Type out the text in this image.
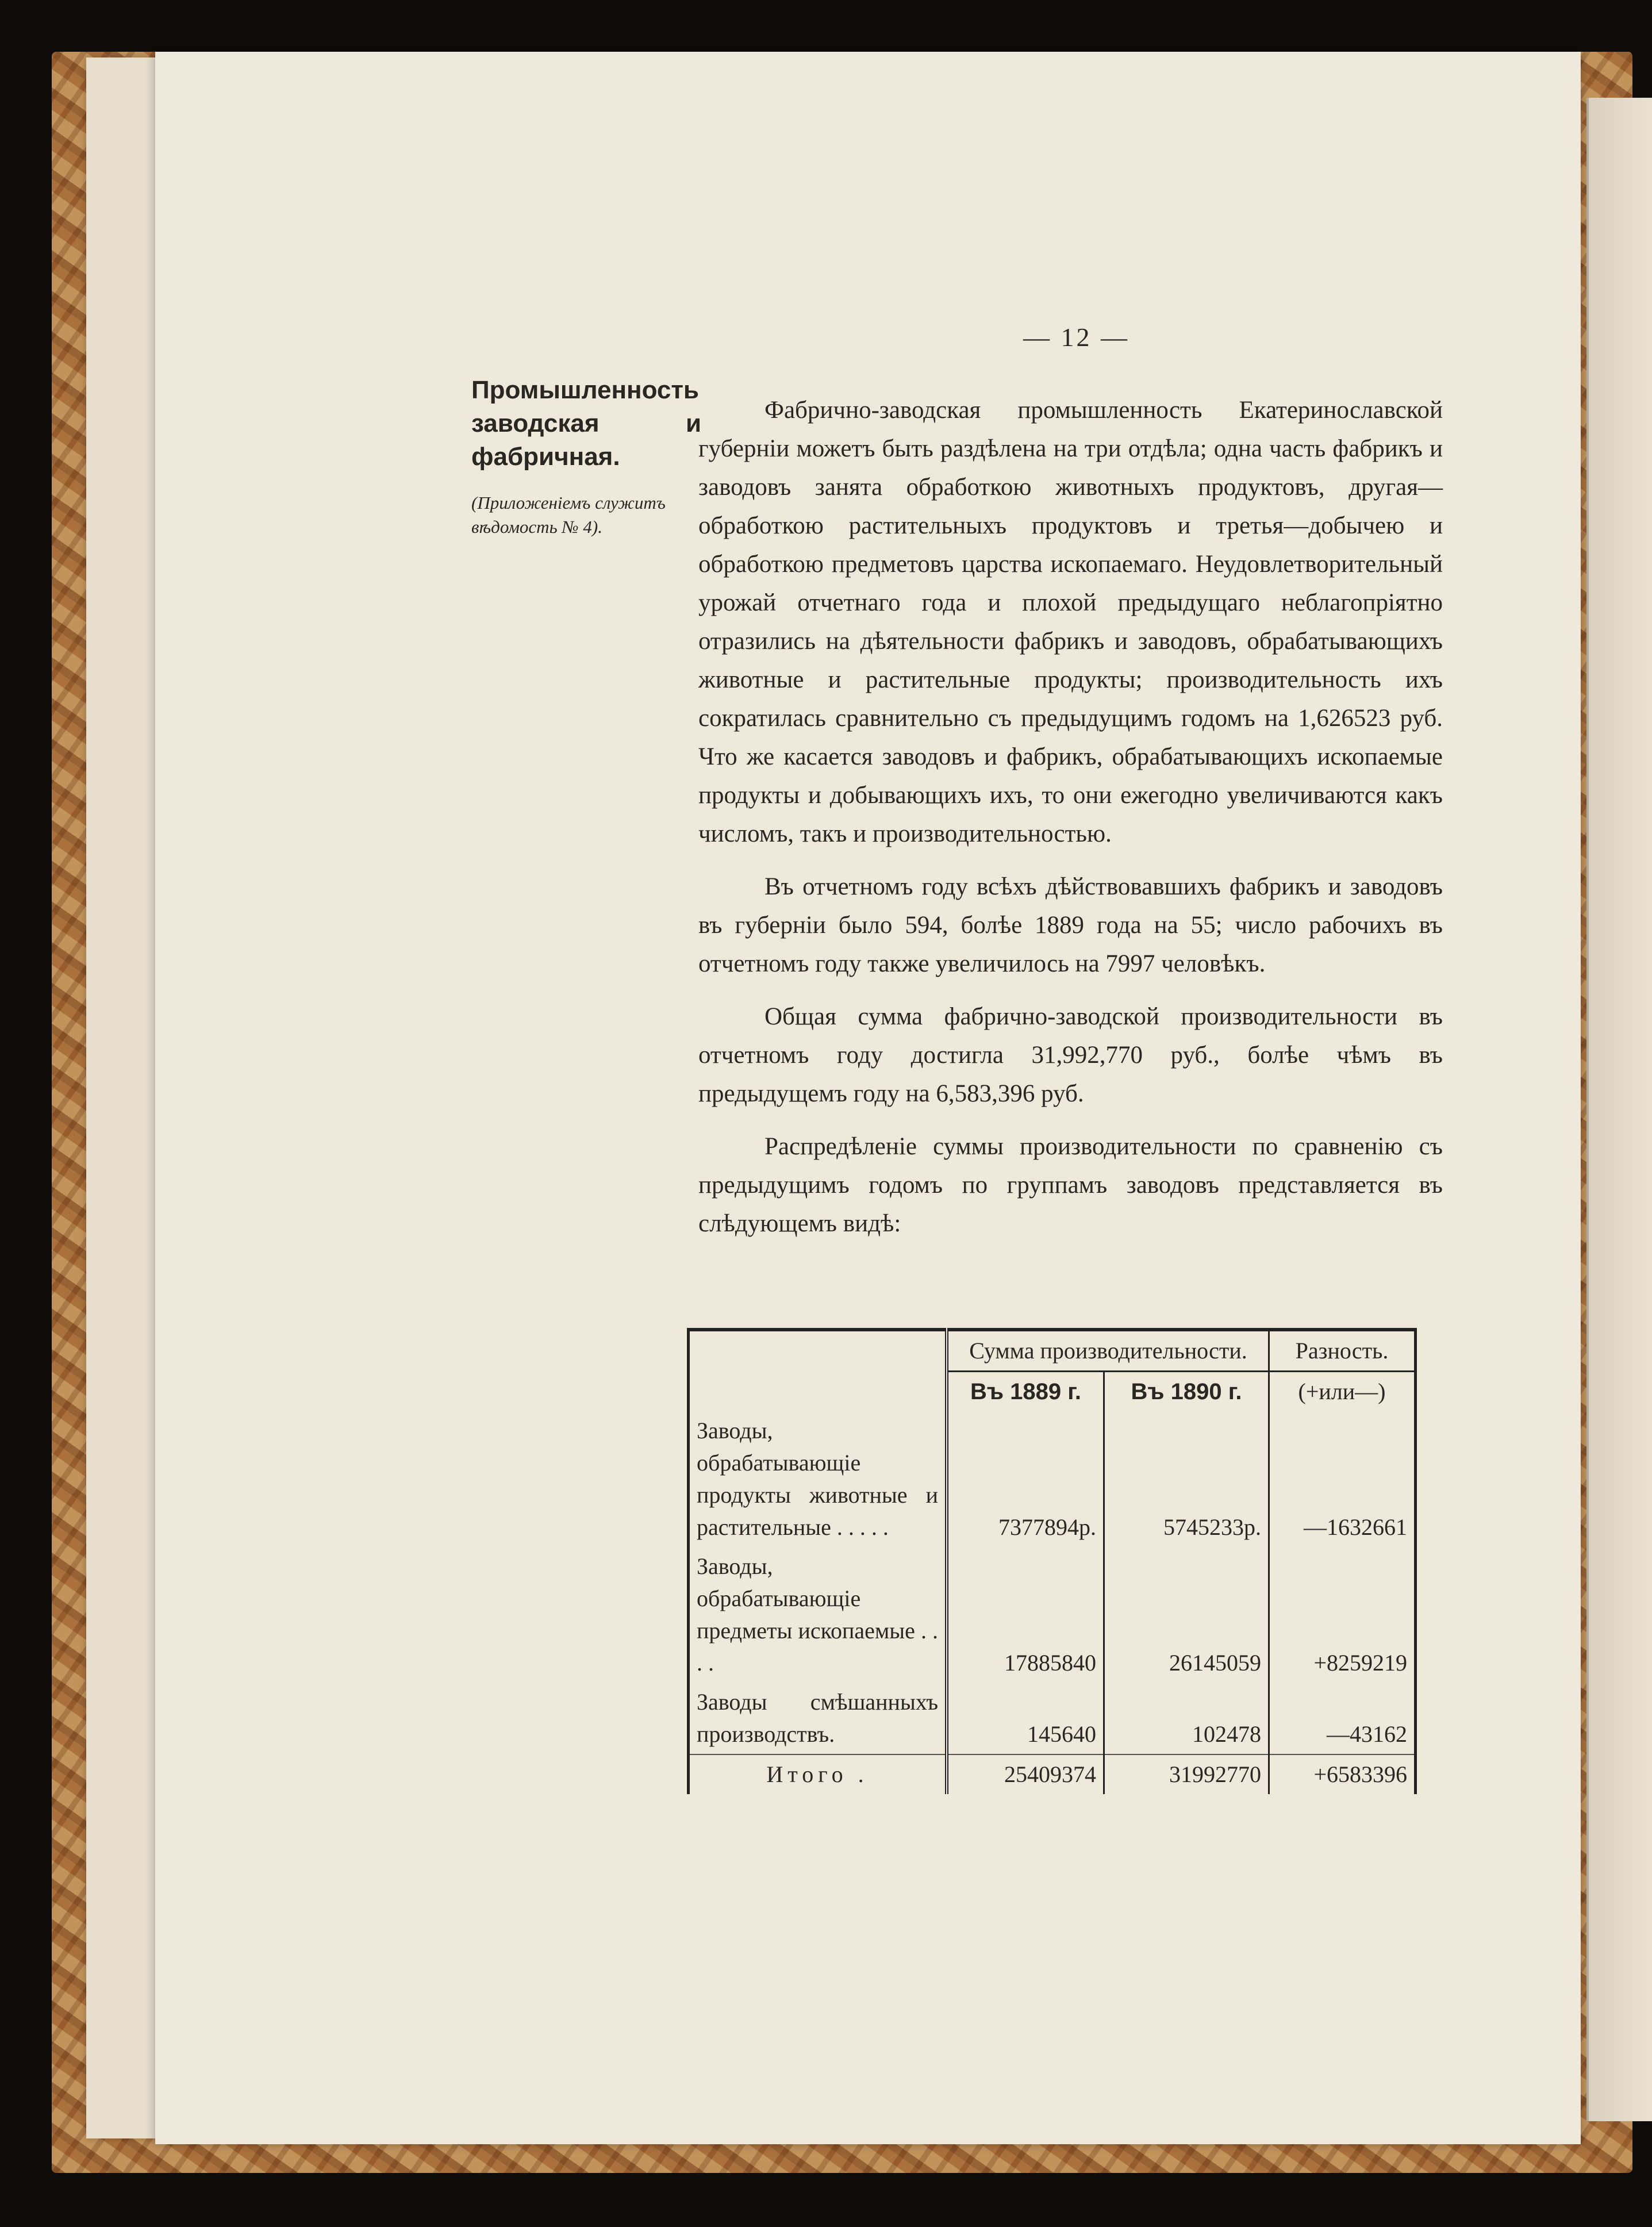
— 12 —

Промышленность заводская и фабричная.

(Приложеніемъ служитъ вѣдомость № 4).

Фабрично-заводская промышленность Екатеринославской губерніи можетъ быть раздѣлена на три отдѣла; одна часть фабрикъ и заводовъ занята обработкою животныхъ продуктовъ, другая—обработкою растительныхъ продуктовъ и третья—добычею и обработкою предметовъ царства ископаемаго. Неудовлетворительный урожай отчетнаго года и плохой предыдущаго неблагопріятно отразились на дѣятельности фабрикъ и заводовъ, обрабатывающихъ животные и растительные продукты; производительность ихъ сократилась сравнительно съ предыдущимъ годомъ на 1,626523 руб. Что же касается заводовъ и фабрикъ, обрабатывающихъ ископаемые продукты и добывающихъ ихъ, то они ежегодно увеличиваются какъ числомъ, такъ и производительностью.

Въ отчетномъ году всѣхъ дѣйствовавшихъ фабрикъ и заводовъ въ губерніи было 594, болѣе 1889 года на 55; число рабочихъ въ отчетномъ году также увеличилось на 7997 человѣкъ.

Общая сумма фабрично-заводской производительности въ отчетномъ году достигла 31,992,770 руб., болѣе чѣмъ въ предыдущемъ году на 6,583,396 руб.

Распредѣленіе суммы производительности по сравненію съ предыдущимъ годомъ по группамъ заводовъ представляется въ слѣдующемъ видѣ:

	Сумма производительности.		Разность.
	Въ 1889 г.	Въ 1890 г.	(+или—)
Заводы, обрабатывающіе продукты животные и растительные . . . . .	7377894р.	5745233р.	—1632661
Заводы, обрабатывающіе предметы ископаемые . . . .	17885840	26145059	+8259219
Заводы смѣшанныхъ производствъ.	145640	102478	—43162
Итого .	25409374	31992770	+6583396
